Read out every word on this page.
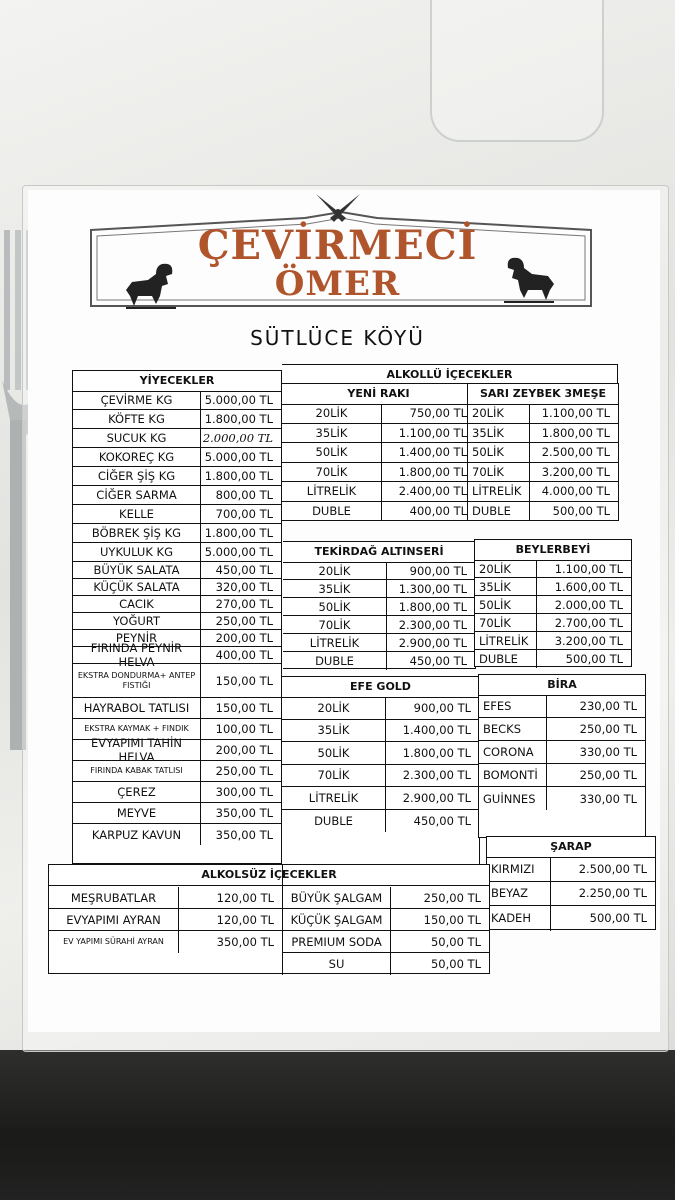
ÇEVİRMECİ
ÖMER
SÜTLÜCE KÖYÜ
YİYECEKLER
ÇEVİRME KG	5.000,00 TL
KÖFTE KG	1.800,00 TL
SUCUK KG	2.000,00 TL
KOKOREÇ KG	5.000,00 TL
CİĞER ŞİŞ KG	1.800,00 TL
CİĞER SARMA	800,00 TL
KELLE	700,00 TL
BÖBREK ŞİŞ KG	1.800,00 TL
UYKULUK KG	5.000,00 TL
BÜYÜK SALATA	450,00 TL
KÜÇÜK SALATA	320,00 TL
CACIK	270,00 TL
YOĞURT	250,00 TL
PEYNİR	200,00 TL
FIRINDA PEYNİR HELVA	400,00 TL
EKSTRA DONDURMA+ ANTEP FISTIĞI	150,00 TL
HAYRABOL TATLISI	150,00 TL
EKSTRA KAYMAK + FINDIK	100,00 TL
EVYAPIMI TAHİN HELVA	200,00 TL
FIRINDA KABAK TATLISI	250,00 TL
ÇEREZ	300,00 TL
MEYVE	350,00 TL
KARPUZ KAVUN	350,00 TL
ALKOLLÜ İÇECEKLER
YENİ RAKI
20LİK	750,00 TL
35LİK	1.100,00 TL
50LİK	1.400,00 TL
70LİK	1.800,00 TL
LİTRELİK	2.400,00 TL
DUBLE	400,00 TL
SARI ZEYBEK 3MEŞE
20LİK	1.100,00 TL
35LİK	1.800,00 TL
50LİK	2.500,00 TL
70LİK	3.200,00 TL
LİTRELİK	4.000,00 TL
DUBLE	500,00 TL
TEKİRDAĞ ALTINSERİ
20LİK	900,00 TL
35LİK	1.300,00 TL
50LİK	1.800,00 TL
70LİK	2.300,00 TL
LİTRELİK	2.900,00 TL
DUBLE	450,00 TL
BEYLERBEYİ
20LİK	1.100,00 TL
35LİK	1.600,00 TL
50LİK	2.000,00 TL
70LİK	2.700,00 TL
LİTRELİK	3.200,00 TL
DUBLE	500,00 TL
EFE GOLD
20LİK	900,00 TL
35LİK	1.400,00 TL
50LİK	1.800,00 TL
70LİK	2.300,00 TL
LİTRELİK	2.900,00 TL
DUBLE	450,00 TL
BİRA
EFES	230,00 TL
BECKS	250,00 TL
CORONA	330,00 TL
BOMONTİ	250,00 TL
GUİNNES	330,00 TL
ŞARAP
KIRMIZI	2.500,00 TL
BEYAZ	2.250,00 TL
KADEH	500,00 TL
ALKOLSÜZ İÇECEKLER
MEŞRUBATLAR	120,00 TL
EVYAPIMI AYRAN	120,00 TL
EV YAPIMI SÜRAHİ AYRAN	350,00 TL
BÜYÜK ŞALGAM	250,00 TL
KÜÇÜK ŞALGAM	150,00 TL
PREMIUM SODA	50,00 TL
SU	50,00 TL
